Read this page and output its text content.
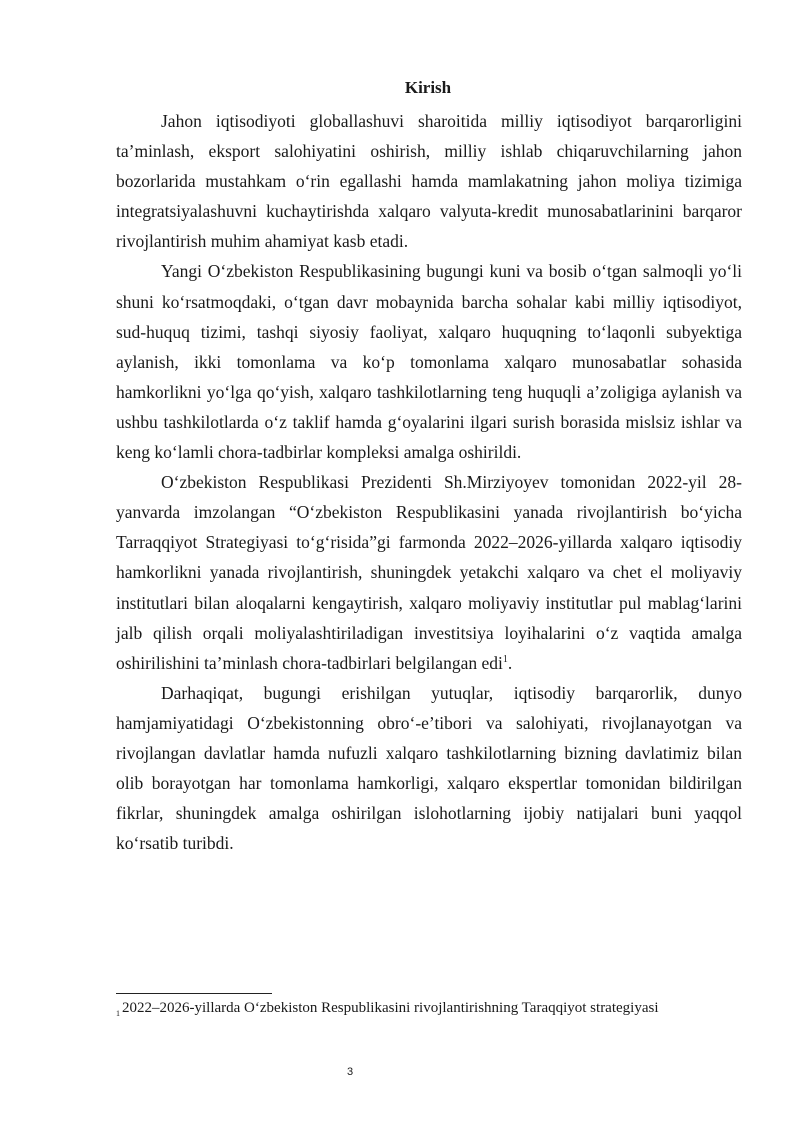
Kirish

Jahon iqtisodiyoti globallashuvi sharoitida milliy iqtisodiyot barqarorligini ta’minlash, eksport salohiyatini oshirish, milliy ishlab chiqaruvchilarning jahon bozorlarida mustahkam o‘rin egallashi hamda mamlakatning jahon moliya tizimiga integratsiyalashuvni kuchaytirishda xalqaro valyuta-kredit munosabatlarinini barqaror rivojlantirish muhim ahamiyat kasb etadi.

Yangi O‘zbekiston Respublikasining bugungi kuni va bosib o‘tgan salmoqli yo‘li shuni ko‘rsatmoqdaki, o‘tgan davr mobaynida barcha sohalar kabi milliy iqtisodiyot, sud-huquq tizimi, tashqi siyosiy faoliyat, xalqaro huquqning to‘laqonli subyektiga aylanish, ikki tomonlama va ko‘p tomonlama xalqaro munosabatlar sohasida hamkorlikni yo‘lga qo‘yish, xalqaro tashkilotlarning teng huquqli a’zoligiga aylanish va ushbu tashkilotlarda o‘z taklif hamda g‘oyalarini ilgari surish borasida mislsiz ishlar va keng ko‘lamli chora-tadbirlar kompleksi amalga oshirildi.

O‘zbekiston Respublikasi Prezidenti Sh.Mirziyoyev tomonidan 2022-yil 28-yanvarda imzolangan “O‘zbekiston Respublikasini yanada rivojlantirish bo‘yicha Tarraqqiyot Strategiyasi to‘g‘risida”gi farmonda 2022–2026-yillarda xalqaro iqtisodiy hamkorlikni yanada rivojlantirish, shuningdek yetakchi xalqaro va chet el moliyaviy institutlari bilan aloqalarni kengaytirish, xalqaro moliyaviy institutlar pul mablag‘larini jalb qilish orqali moliyalashtiriladigan investitsiya loyihalarini o‘z vaqtida amalga oshirilishini ta’minlash chora-tadbirlari belgilangan edi$^1$.

Darhaqiqat, bugungi erishilgan yutuqlar, iqtisodiy barqarorlik, dunyo hamjamiyatidagi O‘zbekistonning obro‘-e’tibori va salohiyati, rivojlanayotgan va rivojlangan davlatlar hamda nufuzli xalqaro tashkilotlarning bizning davlatimiz bilan olib borayotgan har tomonlama hamkorligi, xalqaro ekspertlar tomonidan bildirilgan fikrlar, shuningdek amalga oshirilgan islohotlarning ijobiy natijalari buni yaqqol ko‘rsatib turibdi.

$^1$ 2022–2026-yillarda O‘zbekiston Respublikasini rivojlantirishning Taraqqiyot strategiyasi
3
